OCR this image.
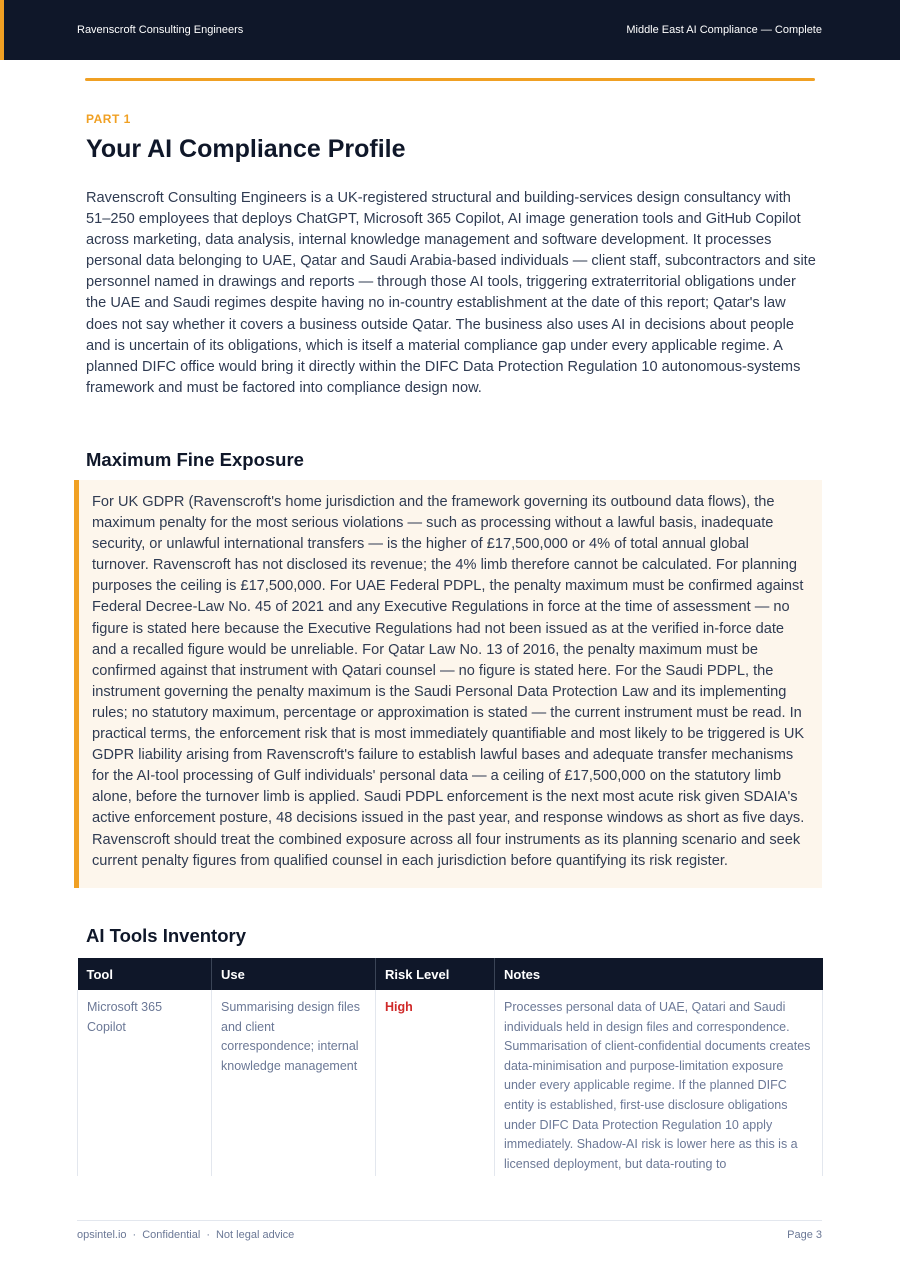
Ravenscroft Consulting Engineers	Middle East AI Compliance — Complete
PART 1
Your AI Compliance Profile

Ravenscroft Consulting Engineers is a UK-registered structural and building-services design consultancy with 51–250 employees that deploys ChatGPT, Microsoft 365 Copilot, AI image generation tools and GitHub Copilot across marketing, data analysis, internal knowledge management and software development. It processes personal data belonging to UAE, Qatar and Saudi Arabia-based individuals — client staff, subcontractors and site personnel named in drawings and reports — through those AI tools, triggering extraterritorial obligations under the UAE and Saudi regimes despite having no in-country establishment at the date of this report; Qatar's law does not say whether it covers a business outside Qatar. The business also uses AI in decisions about people and is uncertain of its obligations, which is itself a material compliance gap under every applicable regime. A planned DIFC office would bring it directly within the DIFC Data Protection Regulation 10 autonomous-systems framework and must be factored into compliance design now.

Maximum Fine Exposure

For UK GDPR (Ravenscroft's home jurisdiction and the framework governing its outbound data flows), the maximum penalty for the most serious violations — such as processing without a lawful basis, inadequate security, or unlawful international transfers — is the higher of £17,500,000 or 4% of total annual global turnover. Ravenscroft has not disclosed its revenue; the 4% limb therefore cannot be calculated. For planning purposes the ceiling is £17,500,000. For UAE Federal PDPL, the penalty maximum must be confirmed against Federal Decree-Law No. 45 of 2021 and any Executive Regulations in force at the time of assessment — no figure is stated here because the Executive Regulations had not been issued as at the verified in-force date and a recalled figure would be unreliable. For Qatar Law No. 13 of 2016, the penalty maximum must be confirmed against that instrument with Qatari counsel — no figure is stated here. For the Saudi PDPL, the instrument governing the penalty maximum is the Saudi Personal Data Protection Law and its implementing rules; no statutory maximum, percentage or approximation is stated — the current instrument must be read. In practical terms, the enforcement risk that is most immediately quantifiable and most likely to be triggered is UK GDPR liability arising from Ravenscroft's failure to establish lawful bases and adequate transfer mechanisms for the AI-tool processing of Gulf individuals' personal data — a ceiling of £17,500,000 on the statutory limb alone, before the turnover limb is applied. Saudi PDPL enforcement is the next most acute risk given SDAIA's active enforcement posture, 48 decisions issued in the past year, and response windows as short as five days. Ravenscroft should treat the combined exposure across all four instruments as its planning scenario and seek current penalty figures from qualified counsel in each jurisdiction before quantifying its risk register.

AI Tools Inventory
Tool	Use	Risk Level	Notes
Microsoft 365 Copilot	Summarising design files and client correspondence; internal knowledge management	High	Processes personal data of UAE, Qatari and Saudi individuals held in design files and correspondence. Summarisation of client-confidential documents creates data-minimisation and purpose-limitation exposure under every applicable regime. If the planned DIFC entity is established, first-use disclosure obligations under DIFC Data Protection Regulation 10 apply immediately. Shadow-AI risk is lower here as this is a licensed deployment, but data-routing to
opsintel.io · Confidential · Not legal advice	Page 3
